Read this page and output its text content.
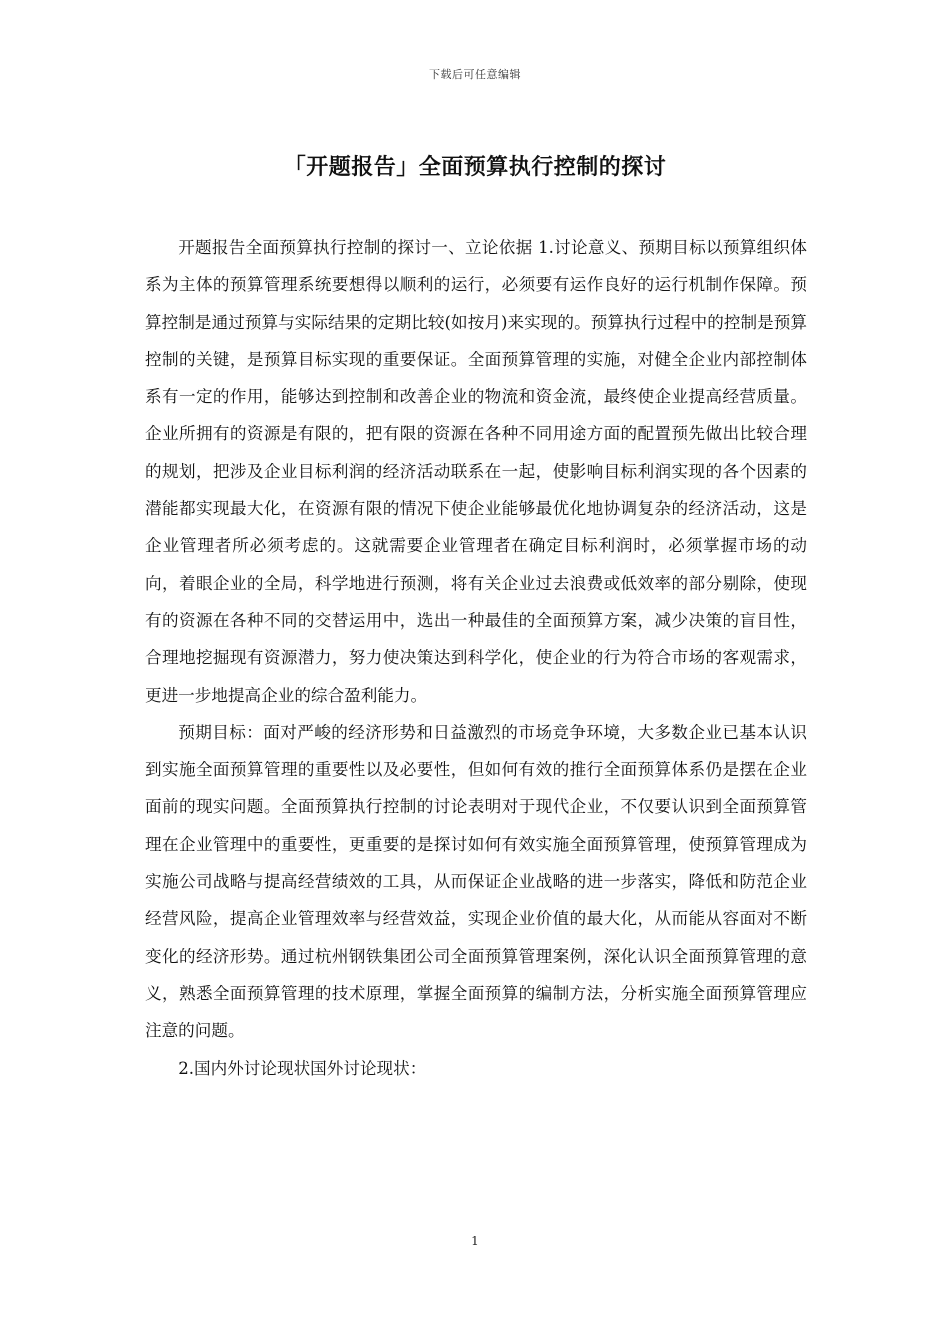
下载后可任意编辑
「开题报告」全面预算执行控制的探讨

开题报告全面预算执行控制的探讨一、立论依据 1.讨论意义、预期目标以预算组织体系为主体的预算管理系统要想得以顺利的运行，必须要有运作良好的运行机制作保障。预算控制是通过预算与实际结果的定期比较(如按月)来实现的。预算执行过程中的控制是预算控制的关键，是预算目标实现的重要保证。全面预算管理的实施，对健全企业内部控制体系有一定的作用，能够达到控制和改善企业的物流和资金流，最终使企业提高经营质量。企业所拥有的资源是有限的，把有限的资源在各种不同用途方面的配置预先做出比较合理的规划，把涉及企业目标利润的经济活动联系在一起，使影响目标利润实现的各个因素的潜能都实现最大化，在资源有限的情况下使企业能够最优化地协调复杂的经济活动，这是企业管理者所必须考虑的。这就需要企业管理者在确定目标利润时，必须掌握市场的动向，着眼企业的全局，科学地进行预测，将有关企业过去浪费或低效率的部分剔除，使现有的资源在各种不同的交替运用中，选出一种最佳的全面预算方案，减少决策的盲目性，合理地挖掘现有资源潜力，努力使决策达到科学化，使企业的行为符合市场的客观需求，更进一步地提高企业的综合盈利能力。

预期目标：面对严峻的经济形势和日益激烈的市场竞争环境，大多数企业已基本认识到实施全面预算管理的重要性以及必要性，但如何有效的推行全面预算体系仍是摆在企业面前的现实问题。全面预算执行控制的讨论表明对于现代企业，不仅要认识到全面预算管理在企业管理中的重要性，更重要的是探讨如何有效实施全面预算管理，使预算管理成为实施公司战略与提高经营绩效的工具，从而保证企业战略的进一步落实，降低和防范企业经营风险，提高企业管理效率与经营效益，实现企业价值的最大化，从而能从容面对不断变化的经济形势。通过杭州钢铁集团公司全面预算管理案例，深化认识全面预算管理的意义，熟悉全面预算管理的技术原理，掌握全面预算的编制方法，分析实施全面预算管理应注意的问题。

2.国内外讨论现状国外讨论现状：

1
